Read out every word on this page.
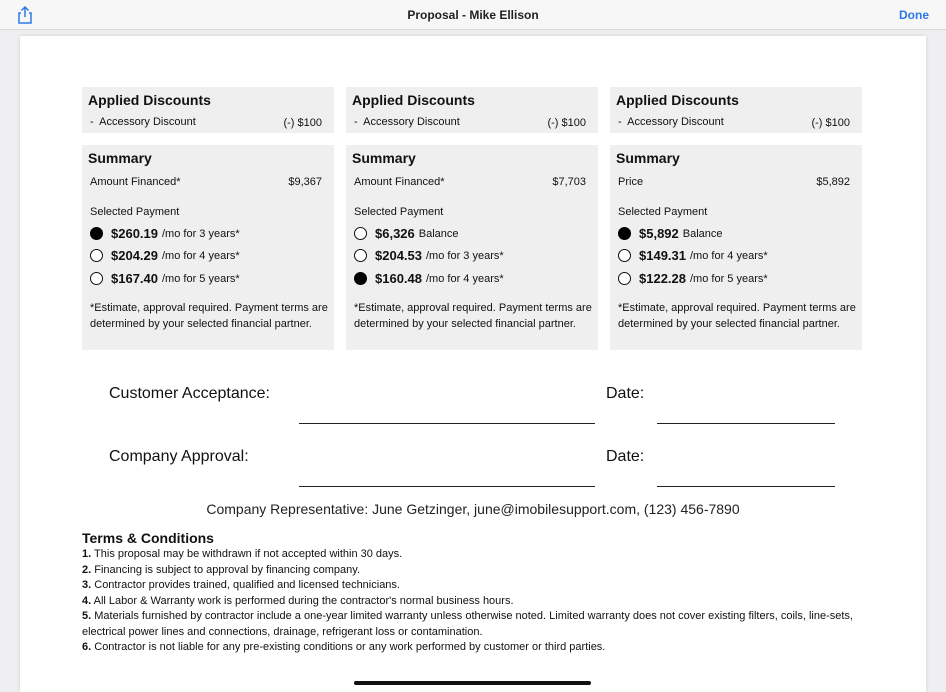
Proposal - Mike Ellison	Done
Applied Discounts
-  Accessory Discount	(-) $100
Summary
Amount Financed*	$9,367
Selected Payment
$260.19 /mo for 3 years*
$204.29 /mo for 4 years*
$167.40 /mo for 5 years*
*Estimate, approval required. Payment terms are determined by your selected financial partner.
Applied Discounts
-  Accessory Discount	(-) $100
Summary
Amount Financed*	$7,703
Selected Payment
$6,326 Balance
$204.53 /mo for 3 years*
$160.48 /mo for 4 years*
*Estimate, approval required. Payment terms are determined by your selected financial partner.
Applied Discounts
-  Accessory Discount	(-) $100
Summary
Price	$5,892
Selected Payment
$5,892 Balance
$149.31 /mo for 4 years*
$122.28 /mo for 5 years*
*Estimate, approval required. Payment terms are determined by your selected financial partner.
Customer Acceptance:	Date:
Company Approval:	Date:
Company Representative: June Getzinger, june@imobilesupport.com, (123) 456-7890
Terms & Conditions
1. This proposal may be withdrawn if not accepted within 30 days.
2. Financing is subject to approval by financing company.
3. Contractor provides trained, qualified and licensed technicians.
4. All Labor & Warranty work is performed during the contractor's normal business hours.
5. Materials furnished by contractor include a one-year limited warranty unless otherwise noted. Limited warranty does not cover existing filters, coils, line-sets, electrical power lines and connections, drainage, refrigerant loss or contamination.
6. Contractor is not liable for any pre-existing conditions or any work performed by customer or third parties.
